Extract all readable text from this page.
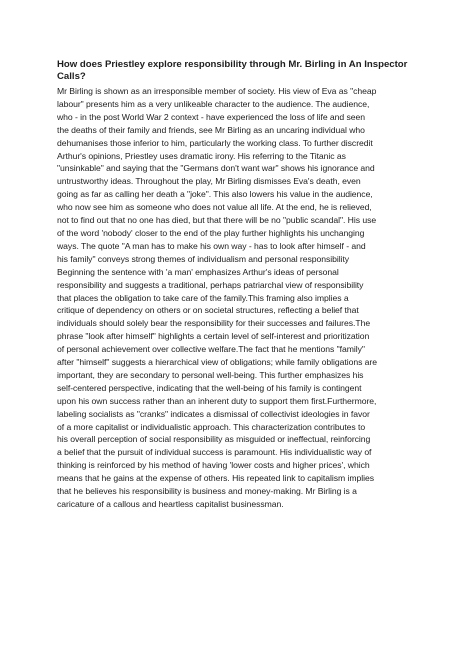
How does Priestley explore responsibility through Mr. Birling in An Inspector
Calls?

Mr Birling is shown as an irresponsible member of society. His view of Eva as "cheap
labour" presents him as a very unlikeable character to the audience. The audience,
who - in the post World War 2 context - have experienced the loss of life and seen
the deaths of their family and friends, see Mr Birling as an uncaring individual who
dehumanises those inferior to him, particularly the working class. To further discredit
Arthur's opinions, Priestley uses dramatic irony. His referring to the Titanic as
"unsinkable" and saying that the "Germans don't want war" shows his ignorance and
untrustworthy ideas. Throughout the play, Mr Birling dismisses Eva's death, even
going as far as calling her death a "joke". This also lowers his value in the audience,
who now see him as someone who does not value all life. At the end, he is relieved,
not to find out that no one has died, but that there will be no "public scandal". His use
of the word 'nobody' closer to the end of the play further highlights his unchanging
ways. The quote "A man has to make his own way - has to look after himself - and
his family" conveys strong themes of individualism and personal responsibility
Beginning the sentence with 'a man' emphasizes Arthur's ideas of personal
responsibility and suggests a traditional, perhaps patriarchal view of responsibility
that places the obligation to take care of the family.This framing also implies a
critique of dependency on others or on societal structures, reflecting a belief that
individuals should solely bear the responsibility for their successes and failures.The
phrase "look after himself" highlights a certain level of self-interest and prioritization
of personal achievement over collective welfare.The fact that he mentions "family"
after "himself" suggests a hierarchical view of obligations; while family obligations are
important, they are secondary to personal well-being. This further emphasizes his
self-centered perspective, indicating that the well-being of his family is contingent
upon his own success rather than an inherent duty to support them first.Furthermore,
labeling socialists as "cranks" indicates a dismissal of collectivist ideologies in favor
of a more capitalist or individualistic approach. This characterization contributes to
his overall perception of social responsibility as misguided or ineffectual, reinforcing
a belief that the pursuit of individual success is paramount. His individualistic way of
thinking is reinforced by his method of having 'lower costs and higher prices', which
means that he gains at the expense of others. His repeated link to capitalism implies
that he believes his responsibility is business and money-making. Mr Birling is a
caricature of a callous and heartless capitalist businessman.
